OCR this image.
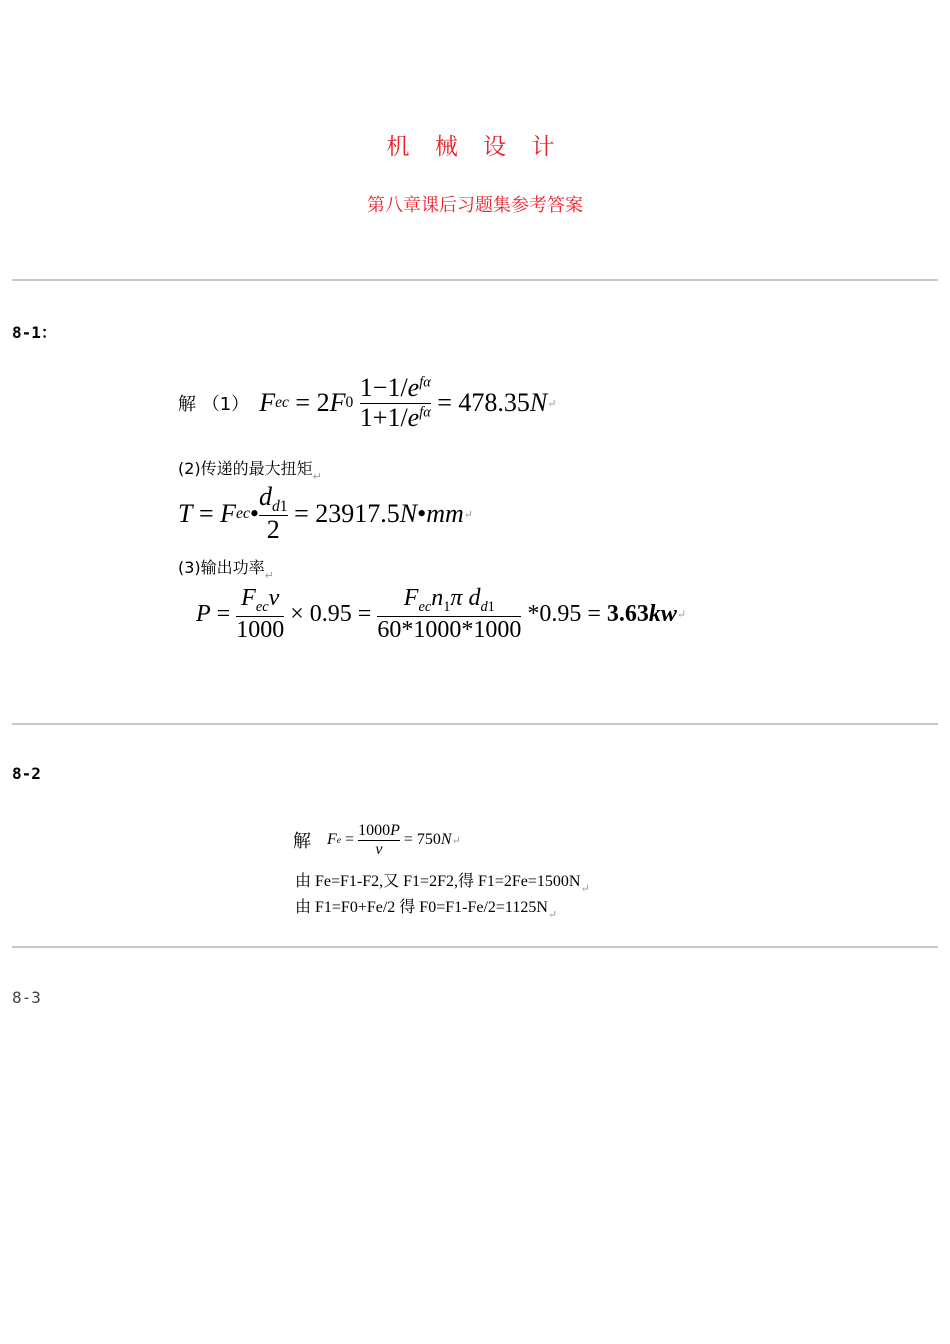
机 械 设 计
第八章课后习题集参考答案
8-1：
解 （1） F ec = 2 F 0
$\frac{1-1/e^{f\alpha}}{1+1/e^{f\alpha}} = 478.35$ N ↵
(2)传递的最大扭矩$_↵$
T = F ec • $\frac{d_{d1}}{2} = 23917.5$ N • mm ↵
(3)输出功率$_↵$
$P = \frac{F_{ec}v}{1000} \times 0.95 = \frac{F_{ec}n_1\pi d_{d1}}{60*1000*1000} * 0.95 = 3.63$ kw ↵
8-2
解 F $e = \frac{1000P}{v} = 750$ N ↵
由 Fe=F1-F2,又 F1=2F2,得 $F1=2Fe=1500N_↵$
由 F1=F0+Fe/2 得 $F0=F1-Fe/2=1125N_↵$
8-3
